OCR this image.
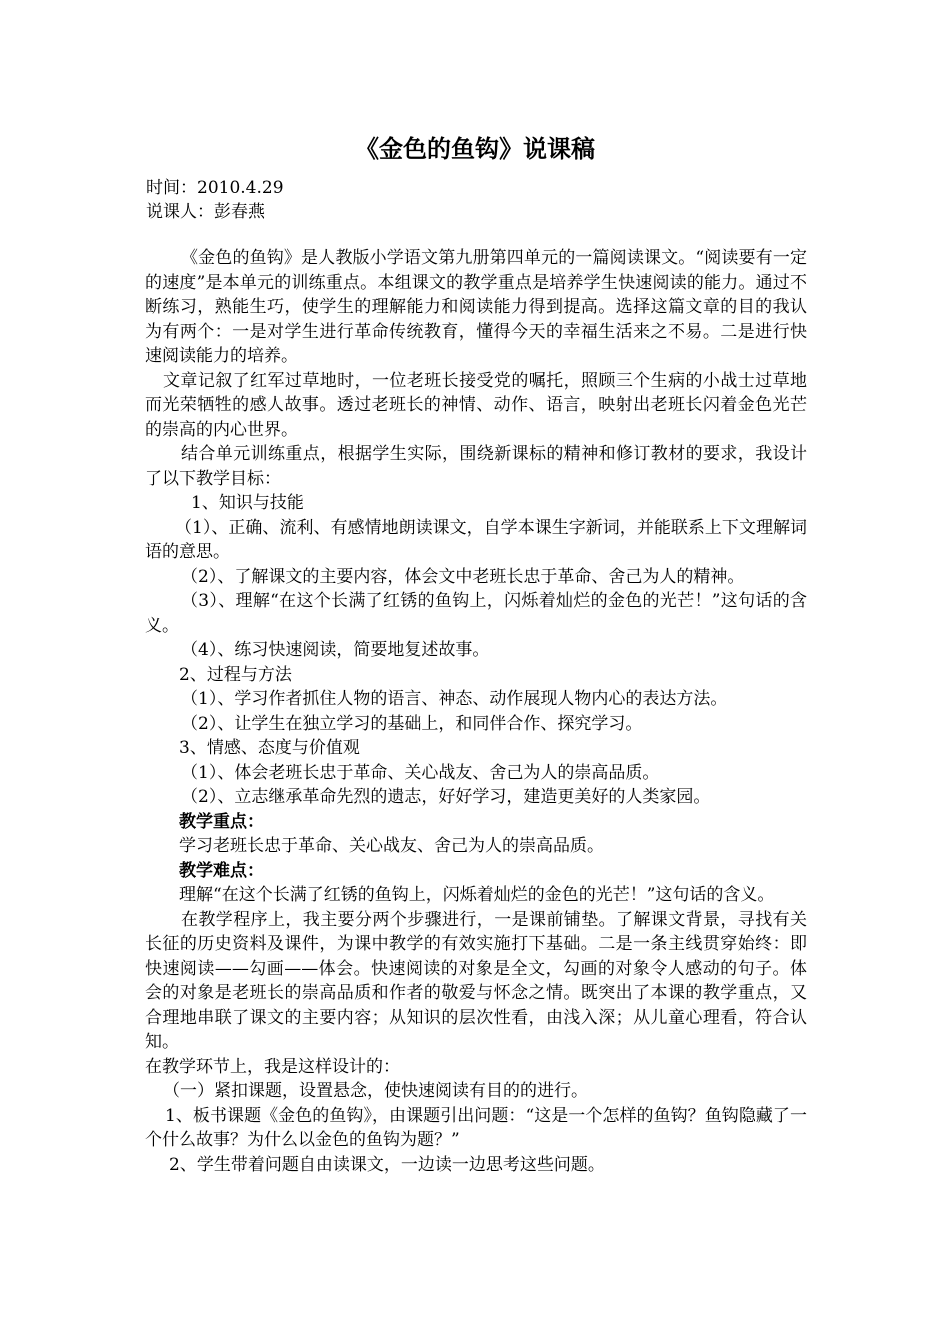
《金色的鱼钩》说课稿
时间：2010.4.29
说课人：彭春燕

《金色的鱼钩》是人教版小学语文第九册第四单元的一篇阅读课文。“阅读要有一定的速度”是本单元的训练重点。本组课文的教学重点是培养学生快速阅读的能力。通过不断练习，熟能生巧，使学生的理解能力和阅读能力得到提高。选择这篇文章的目的我认为有两个：一是对学生进行革命传统教育，懂得今天的幸福生活来之不易。二是进行快速阅读能力的培养。

文章记叙了红军过草地时，一位老班长接受党的嘱托，照顾三个生病的小战士过草地而光荣牺牲的感人故事。透过老班长的神情、动作、语言，映射出老班长闪着金色光芒的崇高的内心世界。

结合单元训练重点，根据学生实际，围绕新课标的精神和修订教材的要求，我设计了以下教学目标：

1、知识与技能

（1）、正确、流利、有感情地朗读课文，自学本课生字新词，并能联系上下文理解词语的意思。

（2）、了解课文的主要内容，体会文中老班长忠于革命、舍己为人的精神。

（3）、理解“在这个长满了红锈的鱼钩上，闪烁着灿烂的金色的光芒！”这句话的含义。

（4）、练习快速阅读，简要地复述故事。

2、过程与方法

（1）、学习作者抓住人物的语言、神态、动作展现人物内心的表达方法。

（2）、让学生在独立学习的基础上，和同伴合作、探究学习。

3、情感、态度与价值观

（1）、体会老班长忠于革命、关心战友、舍己为人的崇高品质。

（2）、立志继承革命先烈的遗志，好好学习，建造更美好的人类家园。

教学重点：

学习老班长忠于革命、关心战友、舍己为人的崇高品质。

教学难点：

理解“在这个长满了红锈的鱼钩上，闪烁着灿烂的金色的光芒！”这句话的含义。

在教学程序上，我主要分两个步骤进行，一是课前铺垫。了解课文背景，寻找有关长征的历史资料及课件，为课中教学的有效实施打下基础。二是一条主线贯穿始终：即快速阅读——勾画——体会。快速阅读的对象是全文，勾画的对象令人感动的句子。体会的对象是老班长的崇高品质和作者的敬爱与怀念之情。既突出了本课的教学重点，又合理地串联了课文的主要内容；从知识的层次性看，由浅入深；从儿童心理看，符合认知。

在教学环节上，我是这样设计的：

（一）紧扣课题，设置悬念，使快速阅读有目的的进行。

1、板书课题《金色的鱼钩》，由课题引出问题：“这是一个怎样的鱼钩？鱼钩隐藏了一个什么故事？为什么以金色的鱼钩为题？”

2、学生带着问题自由读课文，一边读一边思考这些问题。
